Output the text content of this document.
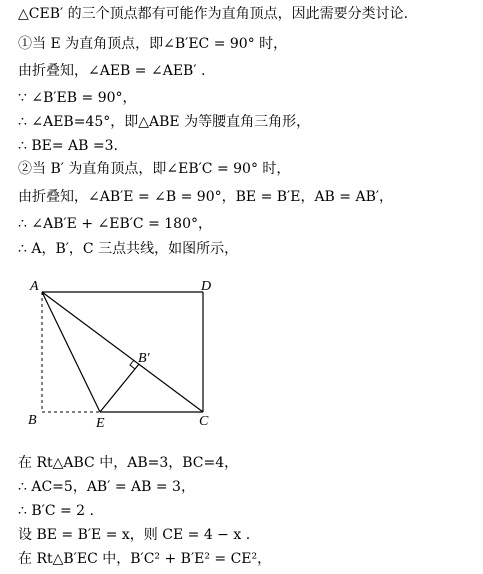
△CEB′ 的三个顶点都有可能作为直角顶点，因此需要分类讨论.
①当 E 为直角顶点，即∠B′EC = 90° 时，
由折叠知，∠AEB = ∠AEB′ .
∵ ∠B′EB = 90°，
∴ ∠AEB=45°，即△ABE 为等腰直角三角形，
∴ BE= AB =3.
②当 B′ 为直角顶点，即∠EB′C = 90° 时，
由折叠知，∠AB′E = ∠B = 90°，BE = B′E，AB = AB′，
∴ ∠AB′E + ∠EB′C = 180°，
∴ A，B′，C 三点共线，如图所示，
A	D
B′
B	E	C
在 Rt△ABC 中，AB=3，BC=4，
∴ AC=5，AB′ = AB = 3，
∴ B′C = 2 .
设 BE = B′E = x，则 CE = 4 − x .
在 Rt△B′EC 中，B′C² + B′E² = CE²，
